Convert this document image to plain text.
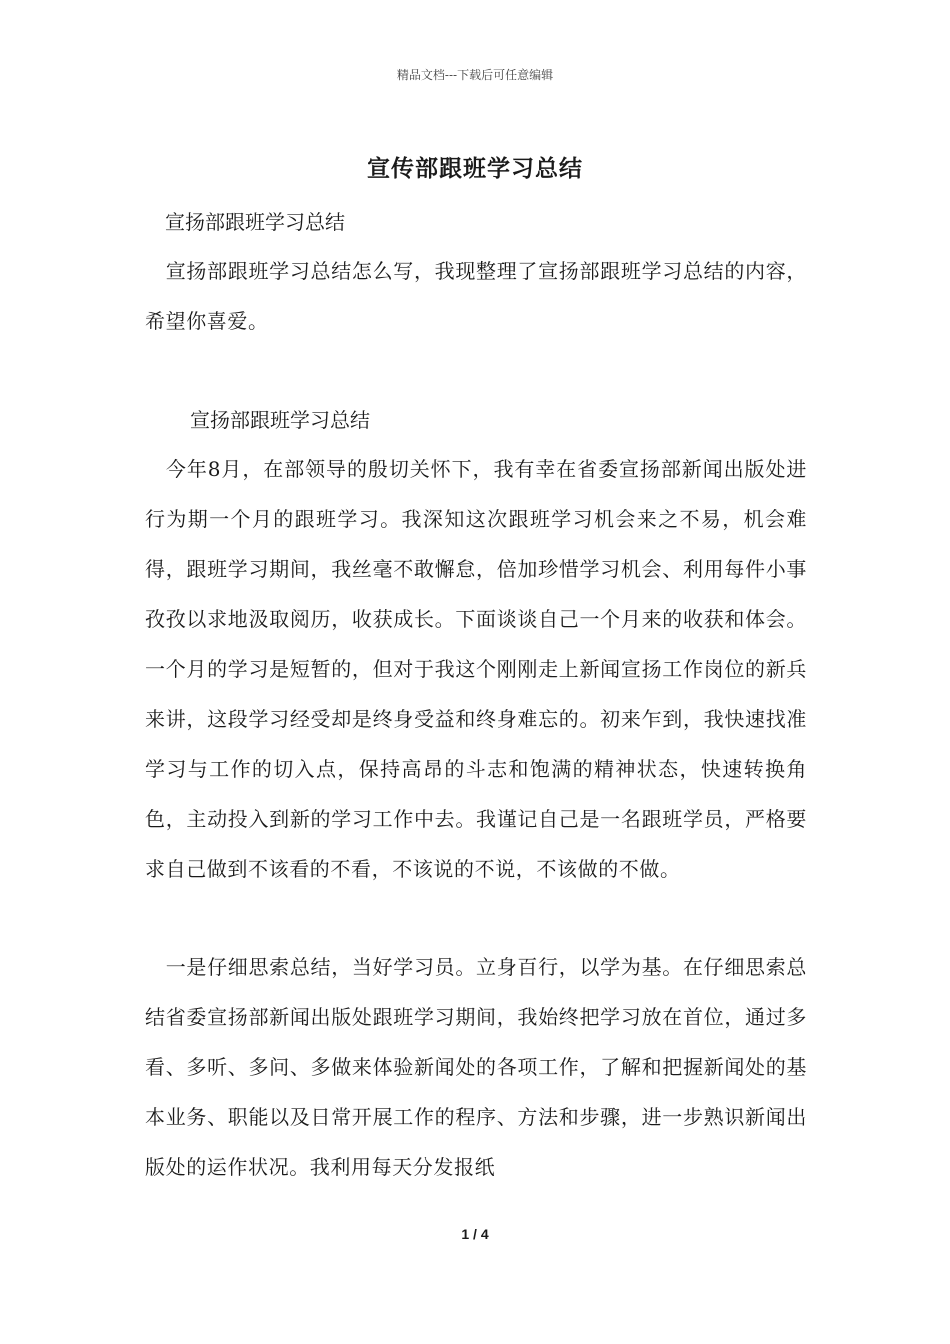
精品文档---下载后可任意编辑
宣传部跟班学习总结
宣扬部跟班学习总结
　宣扬部跟班学习总结怎么写，我现整理了宣扬部跟班学习总结的内容，希望你喜爱。
宣扬部跟班学习总结
　今年8月，在部领导的殷切关怀下，我有幸在省委宣扬部新闻出版处进行为期一个月的跟班学习。我深知这次跟班学习机会来之不易，机会难得，跟班学习期间，我丝毫不敢懈怠，倍加珍惜学习机会、利用每件小事孜孜以求地汲取阅历，收获成长。下面谈谈自己一个月来的收获和体会。一个月的学习是短暂的，但对于我这个刚刚走上新闻宣扬工作岗位的新兵来讲，这段学习经受却是终身受益和终身难忘的。初来乍到，我快速找准学习与工作的切入点，保持高昂的斗志和饱满的精神状态，快速转换角色，主动投入到新的学习工作中去。我谨记自己是一名跟班学员，严格要求自己做到不该看的不看，不该说的不说，不该做的不做。
　一是仔细思索总结，当好学习员。立身百行，以学为基。在仔细思索总结省委宣扬部新闻出版处跟班学习期间，我始终把学习放在首位，通过多看、多听、多问、多做来体验新闻处的各项工作，了解和把握新闻处的基本业务、职能以及日常开展工作的程序、方法和步骤，进一步熟识新闻出版处的运作状况。我利用每天分发报纸
1 / 4
